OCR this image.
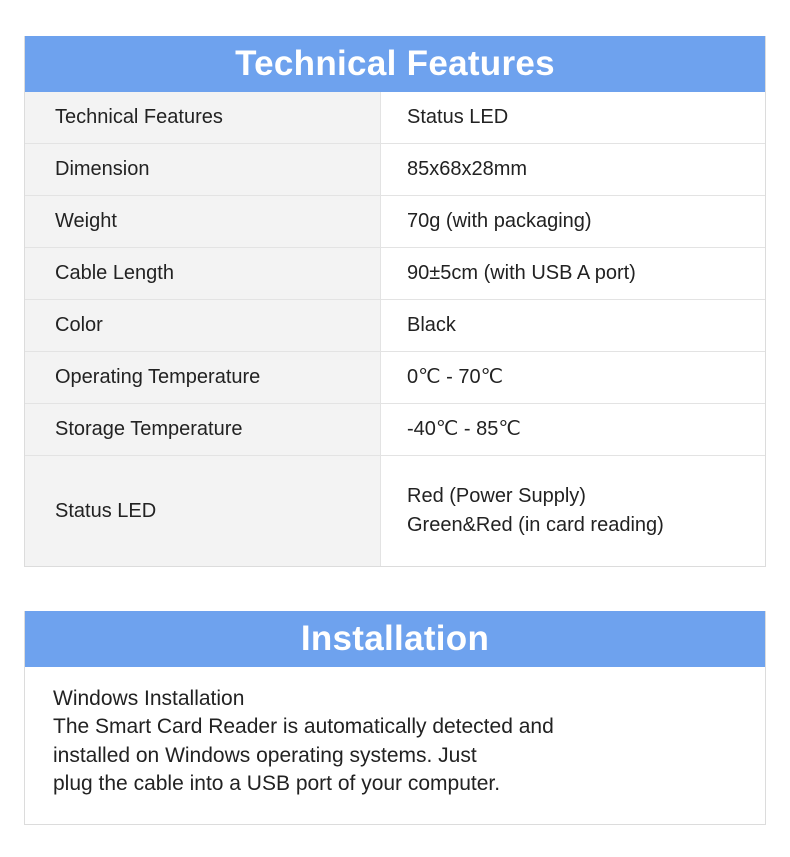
Technical Features
Technical Features	Status LED
Dimension	85x68x28mm
Weight	70g (with packaging)
Cable Length	90±5cm (with USB A port)
Color	Black
Operating Temperature	0℃ - 70℃
Storage Temperature	-40℃ - 85℃
Status LED	Red (Power Supply)
Green&Red (in card reading)
Installation
Windows Installation
The Smart Card Reader is automatically detected and
installed on Windows operating systems. Just
plug the cable into a USB port of your computer.
